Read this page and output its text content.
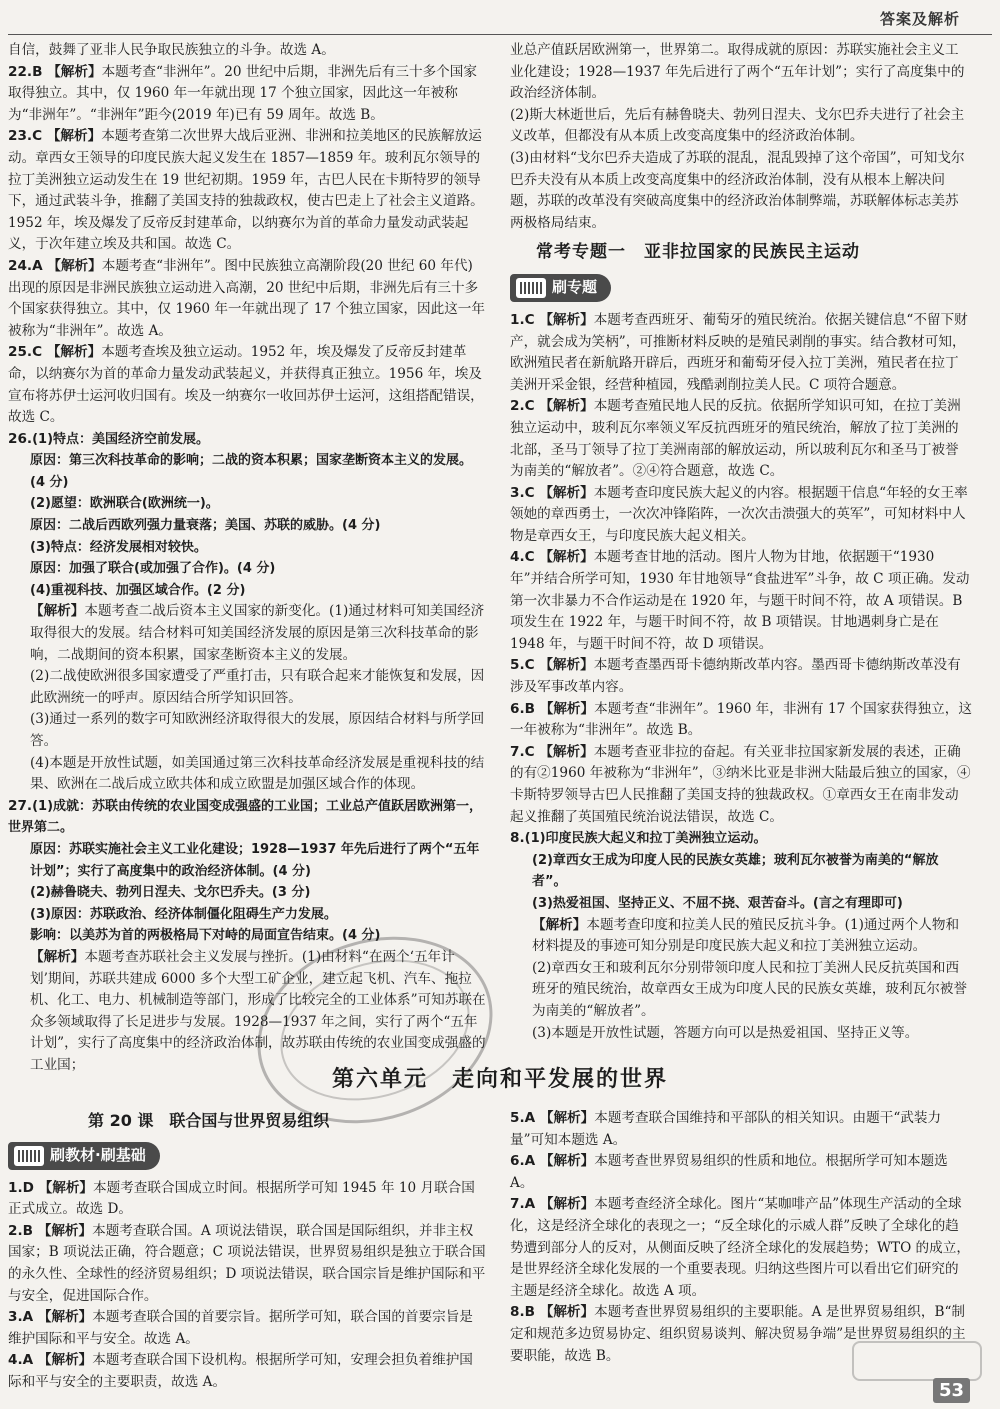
答案及解析

自信，鼓舞了亚非人民争取民族独立的斗争。故选 A。

22.B 【解析】本题考查“非洲年”。20 世纪中后期，非洲先后有三十多个国家取得独立。其中，仅 1960 年一年就出现 17 个独立国家，因此这一年被称为“非洲年”。“非洲年”距今(2019 年)已有 59 周年。故选 B。

23.C 【解析】本题考查第二次世界大战后亚洲、非洲和拉美地区的民族解放运动。章西女王领导的印度民族大起义发生在 1857—1859 年。玻利瓦尔领导的拉丁美洲独立运动发生在 19 世纪初期。1959 年，古巴人民在卡斯特罗的领导下，通过武装斗争，推翻了美国支持的独裁政权，使古巴走上了社会主义道路。1952 年，埃及爆发了反帝反封建革命，以纳赛尔为首的革命力量发动武装起义，于次年建立埃及共和国。故选 C。

24.A 【解析】本题考查“非洲年”。图中民族独立高潮阶段(20 世纪 60 年代)出现的原因是非洲民族独立运动进入高潮，20 世纪中后期，非洲先后有三十多个国家获得独立。其中，仅 1960 年一年就出现了 17 个独立国家，因此这一年被称为“非洲年”。故选 A。

25.C 【解析】本题考查埃及独立运动。1952 年，埃及爆发了反帝反封建革命，以纳赛尔为首的革命力量发动武装起义，并获得真正独立。1956 年，埃及宣布将苏伊士运河收归国有。埃及一纳赛尔一收回苏伊士运河，这组搭配错误，故选 C。

26.(1)特点：美国经济空前发展。

原因：第三次科技革命的影响；二战的资本积累；国家垄断资本主义的发展。(4 分)

(2)愿望：欧洲联合(欧洲统一)。

原因：二战后西欧列强力量衰落；美国、苏联的威胁。(4 分)

(3)特点：经济发展相对较快。

原因：加强了联合(或加强了合作)。(4 分)

(4)重视科技、加强区域合作。(2 分)

【解析】本题考查二战后资本主义国家的新变化。(1)通过材料可知美国经济取得很大的发展。结合材料可知美国经济发展的原因是第三次科技革命的影响，二战期间的资本积累，国家垄断资本主义的发展。

(2)二战使欧洲很多国家遭受了严重打击，只有联合起来才能恢复和发展，因此欧洲统一的呼声。原因结合所学知识回答。

(3)通过一系列的数字可知欧洲经济取得很大的发展，原因结合材料与所学回答。

(4)本题是开放性试题，如美国通过第三次科技革命经济发展是重视科技的结果、欧洲在二战后成立欧共体和成立欧盟是加强区域合作的体现。

27.(1)成就：苏联由传统的农业国变成强盛的工业国；工业总产值跃居欧洲第一，世界第二。

原因：苏联实施社会主义工业化建设；1928—1937 年先后进行了两个“五年计划”；实行了高度集中的政治经济体制。(4 分)

(2)赫鲁晓夫、勃列日涅夫、戈尔巴乔夫。(3 分)

(3)原因：苏联政治、经济体制僵化阻碍生产力发展。

影响：以美苏为首的两极格局下对峙的局面宣告结束。(4 分)

【解析】本题考查苏联社会主义发展与挫折。(1)由材料“在两个‘五年计划’期间，苏联共建成 6000 多个大型工矿企业，建立起飞机、汽车、拖拉机、化工、电力、机械制造等部门，形成了比较完全的工业体系”可知苏联在众多领域取得了长足进步与发展。1928—1937 年之间，实行了两个“五年计划”，实行了高度集中的经济政治体制，故苏联由传统的农业国变成强盛的工业国；

业总产值跃居欧洲第一，世界第二。取得成就的原因：苏联实施社会主义工业化建设；1928—1937 年先后进行了两个“五年计划”；实行了高度集中的政治经济体制。

(2)斯大林逝世后，先后有赫鲁晓夫、勃列日涅夫、戈尔巴乔夫进行了社会主义改革，但都没有从本质上改变高度集中的经济政治体制。

(3)由材料“戈尔巴乔夫造成了苏联的混乱，混乱毁掉了这个帝国”，可知戈尔巴乔夫没有从本质上改变高度集中的经济政治体制，没有从根本上解决问题，苏联的改革没有突破高度集中的经济政治体制弊端，苏联解体标志美苏两极格局结束。

常考专题一　亚非拉国家的民族民主运动
刷专题

1.C 【解析】本题考查西班牙、葡萄牙的殖民统治。依据关键信息“不留下财产，就会成为笑柄”，可推断材料反映的是殖民剥削的事实。结合教材可知，欧洲殖民者在新航路开辟后，西班牙和葡萄牙侵入拉丁美洲，殖民者在拉丁美洲开采金银，经营种植园，残酷剥削拉美人民。C 项符合题意。

2.C 【解析】本题考查殖民地人民的反抗。依据所学知识可知，在拉丁美洲独立运动中，玻利瓦尔率领义军反抗西班牙的殖民统治，解放了拉丁美洲的北部，圣马丁领导了拉丁美洲南部的解放运动，所以玻利瓦尔和圣马丁被誉为南美的“解放者”。②④符合题意，故选 C。

3.C 【解析】本题考查印度民族大起义的内容。根据题干信息“年轻的女王率领她的章西勇士，一次次冲锋陷阵，一次次击溃强大的英军”，可知材料中人物是章西女王，与印度民族大起义相关。

4.C 【解析】本题考查甘地的活动。图片人物为甘地，依据题干“1930 年”并结合所学可知，1930 年甘地领导“食盐进军”斗争，故 C 项正确。发动第一次非暴力不合作运动是在 1920 年，与题干时间不符，故 A 项错误。B 项发生在 1922 年，与题干时间不符，故 B 项错误。甘地遇刺身亡是在 1948 年，与题干时间不符，故 D 项错误。

5.C 【解析】本题考查墨西哥卡德纳斯改革内容。墨西哥卡德纳斯改革没有涉及军事改革内容。

6.B 【解析】本题考查“非洲年”。1960 年，非洲有 17 个国家获得独立，这一年被称为“非洲年”。故选 B。

7.C 【解析】本题考查亚非拉的奋起。有关亚非拉国家新发展的表述，正确的有②1960 年被称为“非洲年”，③纳米比亚是非洲大陆最后独立的国家，④卡斯特罗领导古巴人民推翻了美国支持的独裁政权。①章西女王在南非发动起义推翻了英国殖民统治说法错误，故选 C。

8.(1)印度民族大起义和拉丁美洲独立运动。

(2)章西女王成为印度人民的民族女英雄；玻利瓦尔被誉为南美的“解放者”。

(3)热爱祖国、坚持正义、不屈不挠、艰苦奋斗。(言之有理即可)

【解析】本题考查印度和拉美人民的殖民反抗斗争。(1)通过两个人物和材料提及的事迹可知分别是印度民族大起义和拉丁美洲独立运动。

(2)章西女王和玻利瓦尔分别带领印度人民和拉丁美洲人民反抗英国和西班牙的殖民统治，故章西女王成为印度人民的民族女英雄，玻利瓦尔被誉为南美的“解放者”。

(3)本题是开放性试题，答题方向可以是热爱祖国、坚持正义等。

第六单元　走向和平发展的世界
第 20 课　联合国与世界贸易组织
刷教材·刷基础

1.D 【解析】本题考查联合国成立时间。根据所学可知 1945 年 10 月联合国正式成立。故选 D。

2.B 【解析】本题考查联合国。A 项说法错误，联合国是国际组织，并非主权国家；B 项说法正确，符合题意；C 项说法错误，世界贸易组织是独立于联合国的永久性、全球性的经济贸易组织；D 项说法错误，联合国宗旨是维护国际和平与安全，促进国际合作。

3.A 【解析】本题考查联合国的首要宗旨。据所学可知，联合国的首要宗旨是维护国际和平与安全。故选 A。

4.A 【解析】本题考查联合国下设机构。根据所学可知，安理会担负着维护国际和平与安全的主要职责，故选 A。

5.A 【解析】本题考查联合国维持和平部队的相关知识。由题干“武装力量”可知本题选 A。

6.A 【解析】本题考查世界贸易组织的性质和地位。根据所学可知本题选 A。

7.A 【解析】本题考查经济全球化。图片“某咖啡产品”体现生产活动的全球化，这是经济全球化的表现之一；“反全球化的示威人群”反映了全球化的趋势遭到部分人的反对，从侧面反映了经济全球化的发展趋势；WTO 的成立，是世界经济全球化发展的一个重要表现。归纳这些图片可以看出它们研究的主题是经济全球化。故选 A 项。

8.B 【解析】本题考查世界贸易组织的主要职能。A 是世界贸易组织，B“制定和规范多边贸易协定、组织贸易谈判、解决贸易争端”是世界贸易组织的主要职能，故选 B。

53
